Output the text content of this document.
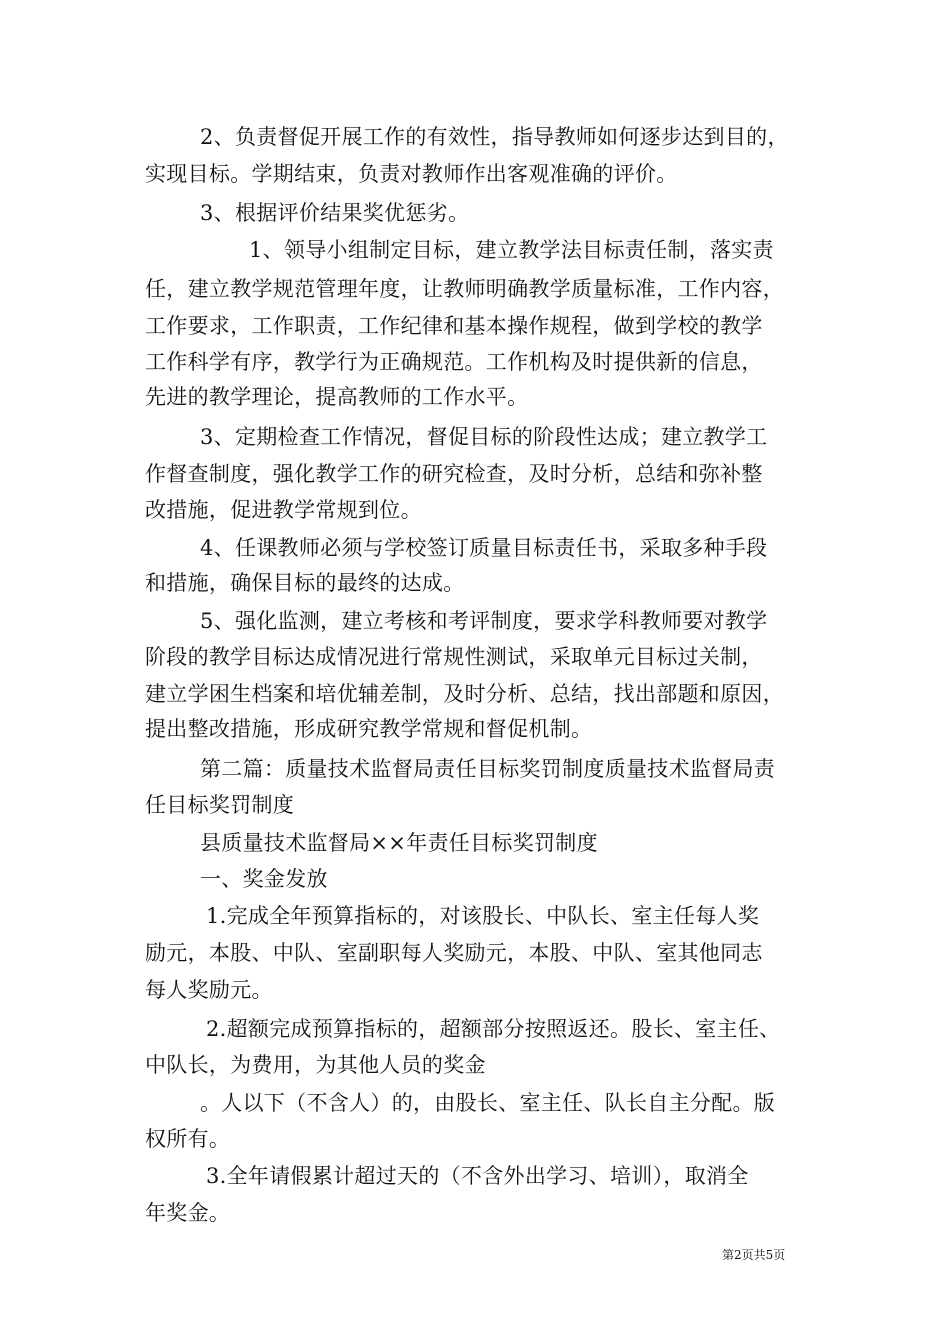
2、负责督促开展工作的有效性，指导教师如何逐步达到目的，
实现目标。学期结束，负责对教师作出客观准确的评价。
3、根据评价结果奖优惩劣。
1、领导小组制定目标，建立教学法目标责任制，落实责
任，建立教学规范管理年度，让教师明确教学质量标准，工作内容，
工作要求，工作职责，工作纪律和基本操作规程，做到学校的教学
工作科学有序，教学行为正确规范。工作机构及时提供新的信息，
先进的教学理论，提高教师的工作水平。
3、定期检查工作情况，督促目标的阶段性达成；建立教学工
作督查制度，强化教学工作的研究检查，及时分析，总结和弥补整
改措施，促进教学常规到位。
4、任课教师必须与学校签订质量目标责任书，采取多种手段
和措施，确保目标的最终的达成。
5、强化监测，建立考核和考评制度，要求学科教师要对教学
阶段的教学目标达成情况进行常规性测试，采取单元目标过关制，
建立学困生档案和培优辅差制，及时分析、总结，找出部题和原因，
提出整改措施，形成研究教学常规和督促机制。
第二篇：质量技术监督局责任目标奖罚制度质量技术监督局责
任目标奖罚制度
县质量技术监督局××年责任目标奖罚制度
一、奖金发放
1.完成全年预算指标的，对该股长、中队长、室主任每人奖
励元，本股、中队、室副职每人奖励元，本股、中队、室其他同志
每人奖励元。
2.超额完成预算指标的，超额部分按照返还。股长、室主任、
中队长，为费用，为其他人员的奖金
。人以下（不含人）的，由股长、室主任、队长自主分配。版
权所有。
3.全年请假累计超过天的（不含外出学习、培训），取消全
年奖金。
第2页共5页
